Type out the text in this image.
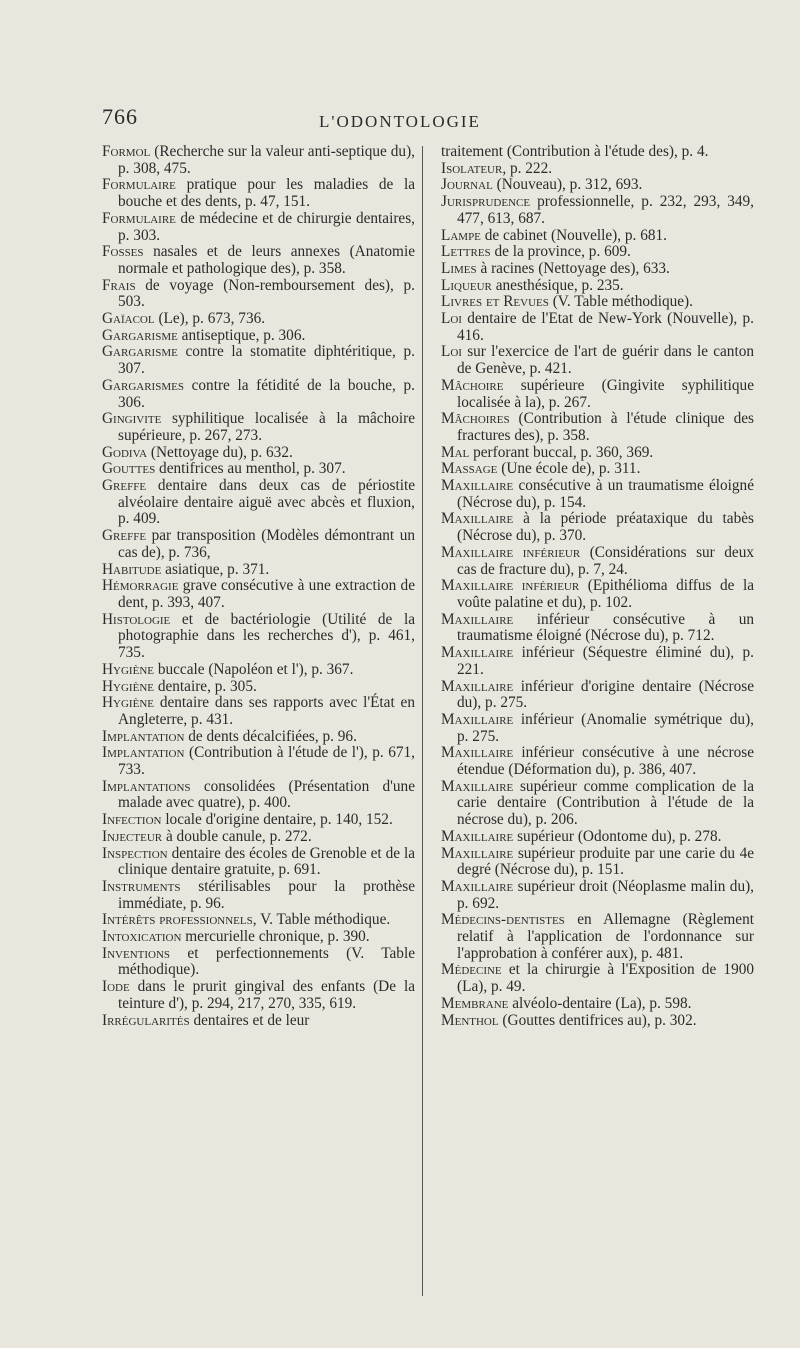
766	L'ODONTOLOGIE

Formol (Recherche sur la valeur anti-septique du), p. 308, 475.

Formulaire pratique pour les maladies de la bouche et des dents, p. 47, 151.

Formulaire de médecine et de chirurgie dentaires, p. 303.

Fosses nasales et de leurs annexes (Anatomie normale et pathologique des), p. 358.

Frais de voyage (Non-remboursement des), p. 503.

Gaïacol (Le), p. 673, 736.

Gargarisme antiseptique, p. 306.

Gargarisme contre la stomatite diphtéritique, p. 307.

Gargarismes contre la fétidité de la bouche, p. 306.

Gingivite syphilitique localisée à la mâchoire supérieure, p. 267, 273.

Godiva (Nettoyage du), p. 632.

Gouttes dentifrices au menthol, p. 307.

Greffe dentaire dans deux cas de périostite alvéolaire dentaire aiguë avec abcès et fluxion, p. 409.

Greffe par transposition (Modèles démontrant un cas de), p. 736,

Habitude asiatique, p. 371.

Hémorragie grave consécutive à une extraction de dent, p. 393, 407.

Histologie et de bactériologie (Utilité de la photographie dans les recherches d'), p. 461, 735.

Hygiène buccale (Napoléon et l'), p. 367.

Hygiène dentaire, p. 305.

Hygiène dentaire dans ses rapports avec l'État en Angleterre, p. 431.

Implantation de dents décalcifiées, p. 96.

Implantation (Contribution à l'étude de l'), p. 671, 733.

Implantations consolidées (Présentation d'une malade avec quatre), p. 400.

Infection locale d'origine dentaire, p. 140, 152.

Injecteur à double canule, p. 272.

Inspection dentaire des écoles de Grenoble et de la clinique dentaire gratuite, p. 691.

Instruments stérilisables pour la prothèse immédiate, p. 96.

Intérêts professionnels, V. Table méthodique.

Intoxication mercurielle chronique, p. 390.

Inventions et perfectionnements (V. Table méthodique).

Iode dans le prurit gingival des enfants (De la teinture d'), p. 294, 217, 270, 335, 619.

Irrégularités dentaires et de leur

traitement (Contribution à l'étude des), p. 4.

Isolateur, p. 222.

Journal (Nouveau), p. 312, 693.

Jurisprudence professionnelle, p. 232, 293, 349, 477, 613, 687.

Lampe de cabinet (Nouvelle), p. 681.

Lettres de la province, p. 609.

Limes à racines (Nettoyage des), 633.

Liqueur anesthésique, p. 235.

Livres et Revues (V. Table méthodique).

Loi dentaire de l'Etat de New-York (Nouvelle), p. 416.

Loi sur l'exercice de l'art de guérir dans le canton de Genève, p. 421.

Mâchoire supérieure (Gingivite syphilitique localisée à la), p. 267.

Mâchoires (Contribution à l'étude clinique des fractures des), p. 358.

Mal perforant buccal, p. 360, 369.

Massage (Une école de), p. 311.

Maxillaire consécutive à un traumatisme éloigné (Nécrose du), p. 154.

Maxillaire à la période préataxique du tabès (Nécrose du), p. 370.

Maxillaire inférieur (Considérations sur deux cas de fracture du), p. 7, 24.

Maxillaire inférieur (Epithélioma diffus de la voûte palatine et du), p. 102.

Maxillaire inférieur consécutive à un traumatisme éloigné (Nécrose du), p. 712.

Maxillaire inférieur (Séquestre éliminé du), p. 221.

Maxillaire inférieur d'origine dentaire (Nécrose du), p. 275.

Maxillaire inférieur (Anomalie symétrique du), p. 275.

Maxillaire inférieur consécutive à une nécrose étendue (Déformation du), p. 386, 407.

Maxillaire supérieur comme complication de la carie dentaire (Contribution à l'étude de la nécrose du), p. 206.

Maxillaire supérieur (Odontome du), p. 278.

Maxillaire supérieur produite par une carie du 4e degré (Nécrose du), p. 151.

Maxillaire supérieur droit (Néoplasme malin du), p. 692.

Médecins-dentistes en Allemagne (Règlement relatif à l'application de l'ordonnance sur l'approbation à conférer aux), p. 481.

Médecine et la chirurgie à l'Exposition de 1900 (La), p. 49.

Membrane alvéolo-dentaire (La), p. 598.

Menthol (Gouttes dentifrices au), p. 302.
